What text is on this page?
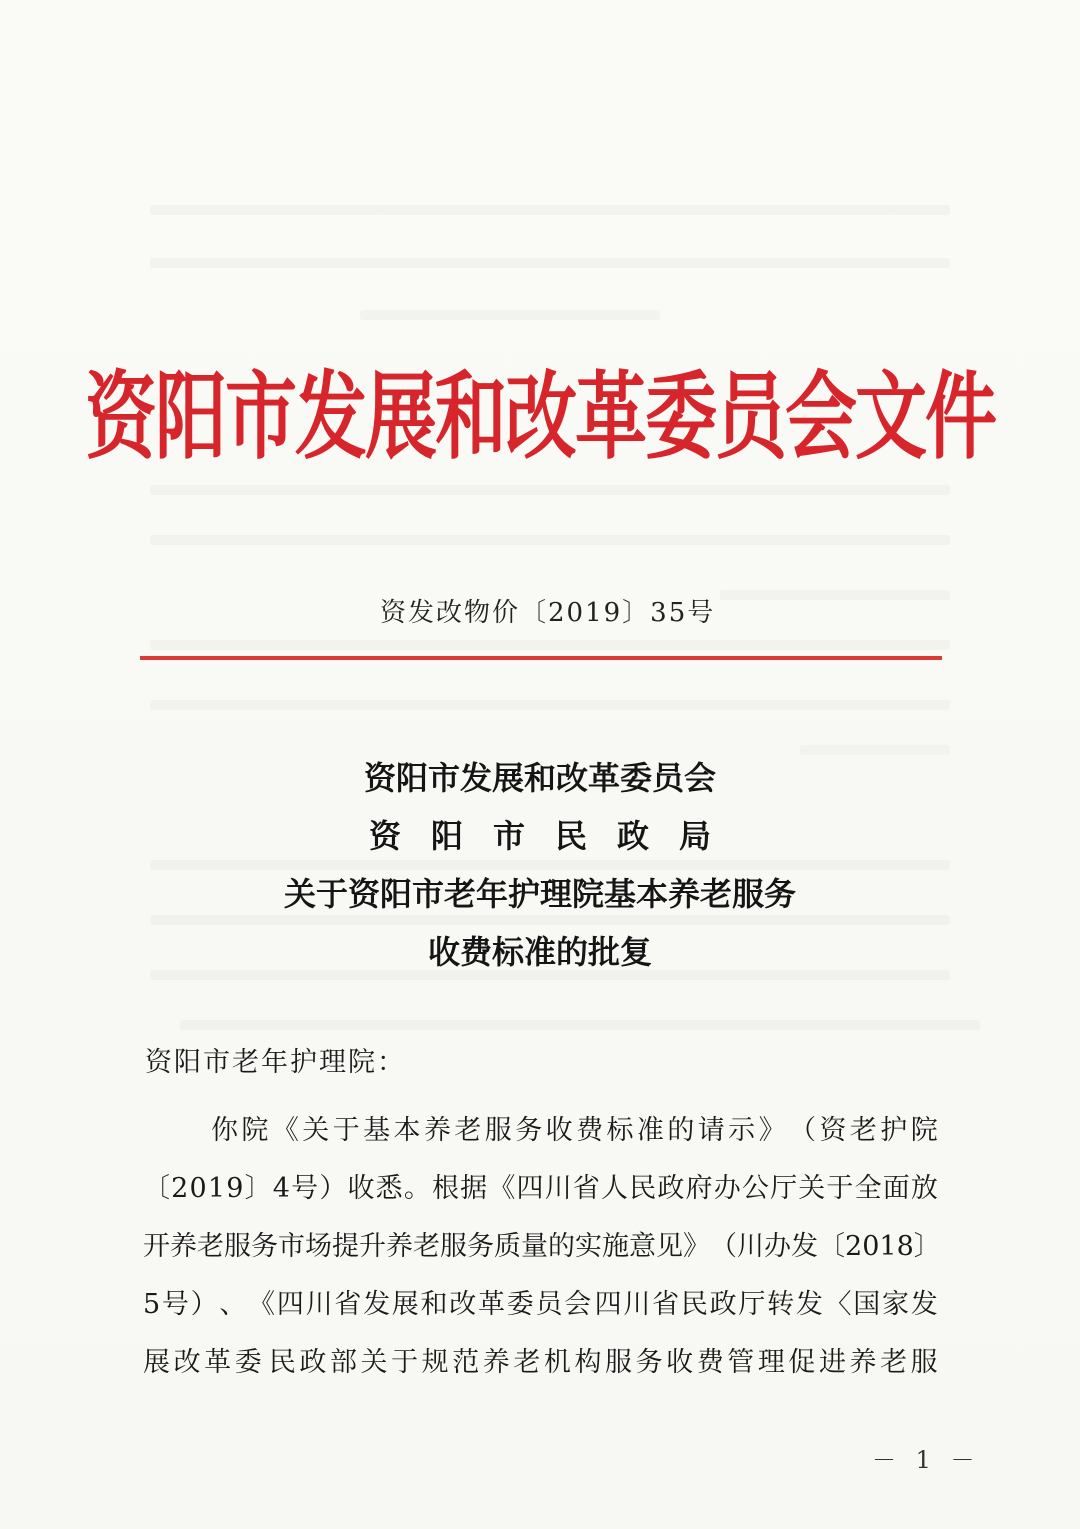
资阳市发展和改革委员会文件
资发改物价〔2019〕35号
资阳市发展和改革委员会
资阳市民政局
关于资阳市老年护理院基本养老服务
收费标准的批复
资阳市老年护理院：
你 院 《 关 于 基 本 养 老 服 务 收 费 标 准 的 请 示 》 （ 资 老 护 院
〔 2 0 1 9 〕 4 号 ） 收 悉 。 根 据 《 四 川 省 人 民 政 府 办 公 厅 关 于 全 面 放
开 养 老 服 务 市 场 提 升 养 老 服 务 质 量 的 实 施 意 见 》 （ 川 办 发 〔 2 0 1 8 〕
5 号 ） 、 《 四 川 省 发 展 和 改 革 委 员 会 四 川 省 民 政 厅 转 发 〈 国 家 发
展 改 革 委 民 政 部 关 于 规 范 养 老 机 构 服 务 收 费 管 理 促 进 养 老 服
－ 1 －
